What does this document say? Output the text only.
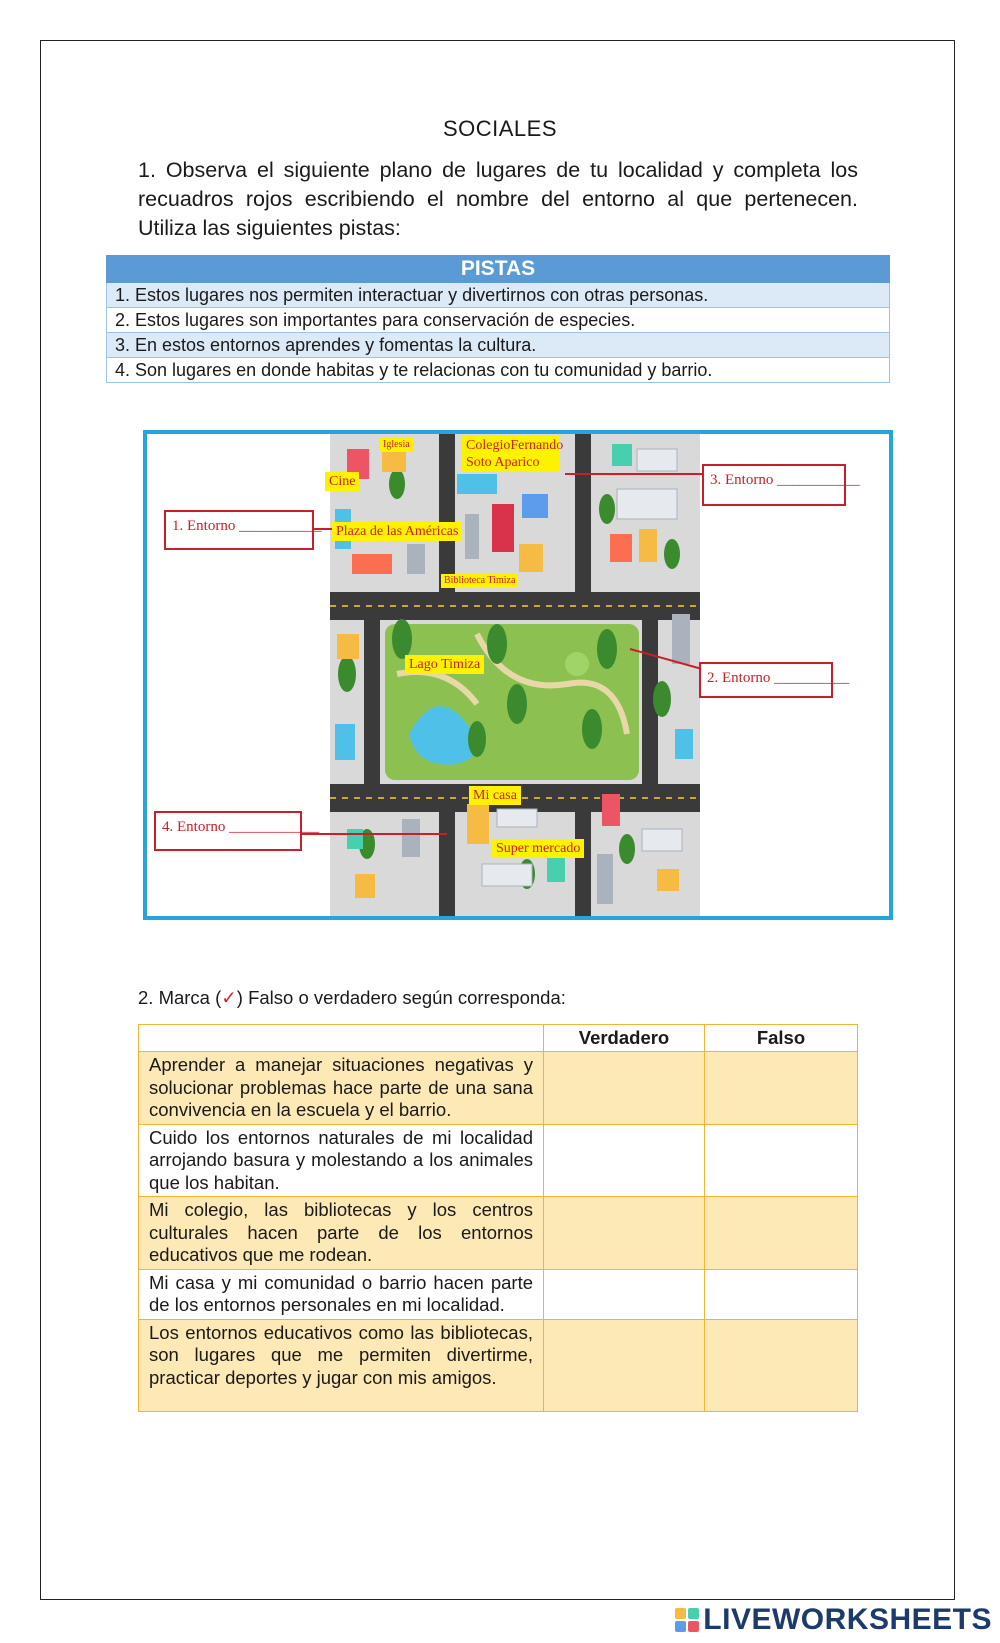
SOCIALES

1. Observa el siguiente plano de lugares de tu localidad y completa los recuadros rojos escribiendo el nombre del entorno al que pertenecen. Utiliza las siguientes pistas:

PISTAS
1. Estos lugares nos permiten interactuar y divertirnos con otras personas.
2. Estos lugares son importantes para conservación de especies.
3. En estos entornos aprendes y fomentas la cultura.
4. Son lugares en donde habitas y te relacionas con tu comunidad y barrio.
1. Entorno ___________
2. Entorno __________
3. Entorno ___________
4. Entorno ____________
Iglesia	ColegioFernando Soto Aparico
Cine
Plaza de las Américas
Biblioteca Timiza
Lago Timiza
Mi casa
Super mercado
2. Marca (✓) Falso o verdadero según corresponda:
	Verdadero	Falso
Aprender a manejar situaciones negativas y solucionar problemas hace parte de una sana convivencia en la escuela y el barrio.		
Cuido los entornos naturales de mi localidad arrojando basura y molestando a los animales que los habitan.		
Mi colegio, las bibliotecas y los centros culturales hacen parte de los entornos educativos que me rodean.		
Mi casa y mi comunidad o barrio hacen parte de los entornos personales en mi localidad.		
Los entornos educativos como las bibliotecas, son lugares que me permiten divertirme, practicar deportes y jugar con mis amigos.		
LIVEWORKSHEETS
